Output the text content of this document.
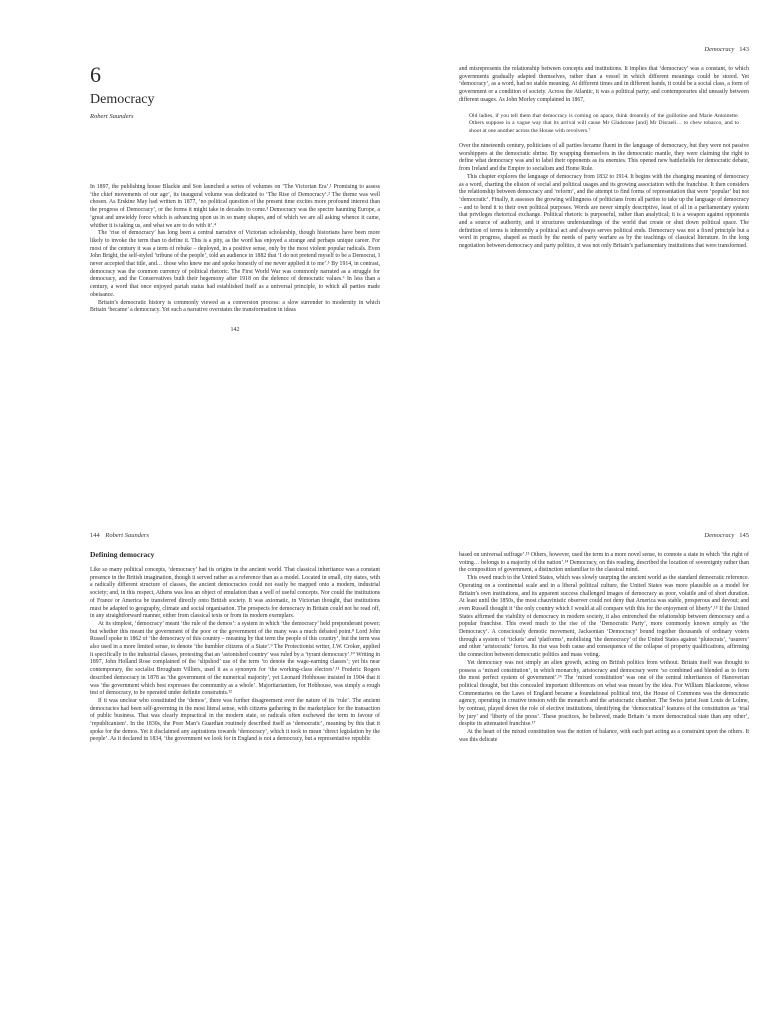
6
Democracy
Robert Saunders

In 1897, the publishing house Blackie and Son launched a series of volumes on ‘The Victorian Era’.¹ Promising to assess ‘the chief movements of our age’, its inaugural volume was dedicated to ‘The Rise of Democracy’.² The theme was well chosen. As Erskine May had written in 1877, ‘no political question of the present time excites more profound interest than the progress of Democracy’, or the forms it might take in decades to come.³ Democracy was the spectre haunting Europe, a ‘great and unwieldy force which is advancing upon us in so many shapes, and of which we are all asking whence it came, whither it is taking us, and what we are to do with it’.⁴

The ‘rise of democracy’ has long been a central narrative of Victorian scholarship, though historians have been more likely to invoke the term than to define it. This is a pity, as the word has enjoyed a strange and perhaps unique career. For most of the century it was a term of rebuke – deployed, in a positive sense, only by the most violent popular radicals. Even John Bright, the self-styled ‘tribune of the people’, told an audience in 1882 that ‘I do not pretend myself to be a Democrat, I never accepted that title, and… those who knew me and spoke honestly of me never applied it to me’.⁵ By 1914, in contrast, democracy was the common currency of political rhetoric. The First World War was commonly narrated as a struggle for democracy, and the Conservatives built their hegemony after 1918 on the defence of democratic values.⁶ In less than a century, a word that once enjoyed pariah status had established itself as a universal principle, to which all parties made obeisance.

Britain’s democratic history is commonly viewed as a conversion process: a slow surrender to modernity in which Britain ‘became’ a democracy. Yet such a narrative overstates the transformation in ideas

142
Democracy 143

and misrepresents the relationship between concepts and institutions. It implies that ‘democracy’ was a constant, to which governments gradually adapted themselves, rather than a vessel in which different meanings could be stored. Yet ‘democracy’, as a word, had no stable meaning. At different times and in different hands, it could be a social class, a form of government or a condition of society. Across the Atlantic, it was a political party; and contemporaries slid uneasily between different usages. As John Morley complained in 1867,

Old ladies, if you tell them that democracy is coming on apace, think dreamily of the guillotine and Marie Antoinette. Others suppose in a vague way that its arrival will cause Mr Gladstone [and] Mr Disraeli… to chew tobacco, and to shoot at one another across the House with revolvers.⁷

Over the nineteenth century, politicians of all parties became fluent in the language of democracy, but they were not passive worshippers at the democratic shrine. By wrapping themselves in the democratic mantle, they were claiming the right to define what democracy was and to label their opponents as its enemies. This opened new battlefields for democratic debate, from Ireland and the Empire to socialism and Home Rule.

This chapter explores the language of democracy from 1832 to 1914. It begins with the changing meaning of democracy as a word, charting the elision of social and political usages and its growing association with the franchise. It then considers the relationship between democracy and ‘reform’, and the attempt to find forms of representation that were ‘popular’ but not ‘democratic’. Finally, it assesses the growing willingness of politicians from all parties to take up the language of democracy – and to bend it to their own political purposes. Words are never simply descriptive, least of all in a parliamentary system that privileges rhetorical exchange. Political rhetoric is purposeful, rather than analytical; it is a weapon against opponents and a source of authority, and it structures understandings of the world that create or shut down political space. The definition of terms is inherently a political act and always serves political ends. Democracy was not a fixed principle but a word in progress, shaped as much by the needs of party warfare as by the teachings of classical literature. In the long negotiation between democracy and party politics, it was not only Britain’s parliamentary institutions that were transformed.

144 Robert Saunders
Defining democracy

Like so many political concepts, ‘democracy’ had its origins in the ancient world. That classical inheritance was a constant presence in the British imagination, though it served rather as a reference than as a model. Located in small, city states, with a radically different structure of classes, the ancient democracies could not easily be mapped onto a modern, industrial society; and, in this respect, Athens was less an object of emulation than a well of useful concepts. Nor could the institutions of France or America be transferred directly onto British society. It was axiomatic, in Victorian thought, that institutions must be adapted to geography, climate and social organisation. The prospects for democracy in Britain could not be read off, in any straightforward manner, either from classical texts or from its modern exemplars.

At its simplest, ‘democracy’ meant ‘the rule of the demos’: a system in which ‘the democracy’ held preponderant power; but whether this meant the government of the poor or the government of the many was a much debated point.⁸ Lord John Russell spoke in 1862 of ‘the democracy of this country – meaning by that term the people of this country’, but the term was also used in a more limited sense, to denote ‘the humbler citizens of a State’.⁹ The Protectionist writer, J.W. Croker, applied it specifically to the industrial classes, protesting that an ‘astonished country’ was ruled by a ‘tyrant democracy’.¹⁰ Writing in 1897, John Holland Rose complained of the ‘slipshod’ use of the term ‘to denote the wage-earning classes’; yet his near contemporary, the socialist Brougham Villiers, used it as a synonym for ‘the working-class electors’.¹¹ Frederic Rogers described democracy in 1878 as ‘the government of the numerical majority’, yet Leonard Hobhouse insisted in 1904 that it was ‘the government which best expresses the community as a whole’. Majoritarianism, for Hobhouse, was simply a rough test of democracy, to be operated under definite constraints.¹²

If it was unclear who constituted the ‘demos’, there was further disagreement over the nature of its ‘rule’. The ancient democracies had been self-governing in the most literal sense, with citizens gathering in the marketplace for the transaction of public business. That was clearly impractical in the modern state, so radicals often eschewed the term in favour of ‘republicanism’. In the 1830s, the Poor Man’s Guardian routinely described itself as ‘democratic’, meaning by this that it spoke for the demos. Yet it disclaimed any aspirations towards ‘democracy’, which it took to mean ‘direct legislation by the people’. As it declared in 1834, ‘the government we look for in England is not a democracy, but a representative republic

Democracy 145

based on universal suffrage’.¹³ Others, however, used the term in a more novel sense, to connote a state in which ‘the right of voting… belongs to a majority of the nation’.¹⁴ Democracy, on this reading, described the location of sovereignty rather than the composition of government, a distinction unfamiliar to the classical mind.

This owed much to the United States, which was slowly usurping the ancient world as the standard democratic reference. Operating on a continental scale and in a liberal political culture, the United States was more plausible as a model for Britain’s own institutions, and its apparent success challenged images of democracy as poor, volatile and of short duration. At least until the 1850s, the most chauvinistic observer could not deny that America was stable, prosperous and devout; and even Russell thought it ‘the only country which I would at all compare with this for the enjoyment of liberty’.¹⁵ If the United States affirmed the viability of democracy in modern society, it also entrenched the relationship between democracy and a popular franchise. This owed much to the rise of the ‘Democratic Party’, more commonly known simply as ‘the Democracy’. A consciously demotic movement, Jacksonian ‘Democracy’ bound together thousands of ordinary voters through a system of ‘tickets’ and ‘platforms’, mobilising ‘the democracy’ of the United States against ‘plutocrats’, ‘usurers’ and other ‘aristocratic’ forces. Its rise was both cause and consequence of the collapse of property qualifications, affirming the connection between democratic politics and mass voting.

Yet democracy was not simply an alien growth, acting on British politics from without. Britain itself was thought to possess a ‘mixed constitution’, in which monarchy, aristocracy and democracy were ‘so combined and blended as to form the most perfect system of government’.¹⁶ The ‘mixed constitution’ was one of the central inheritances of Hanoverian political thought, but this concealed important differences on what was meant by the idea. For William Blackstone, whose Commentaries on the Laws of England became a foundational political text, the House of Commons was the democratic agency, operating in creative tension with the monarch and the aristocratic chamber. The Swiss jurist Jean Louis de Lolme, by contrast, played down the role of elective institutions, identifying the ‘democratical’ features of the constitution as ‘trial by jury’ and ‘liberty of the press’. These practices, he believed, made Britain ‘a more democratical state than any other’, despite its attenuated franchise.¹⁷

At the heart of the mixed constitution was the notion of balance, with each part acting as a constraint upon the others. It was this delicate
